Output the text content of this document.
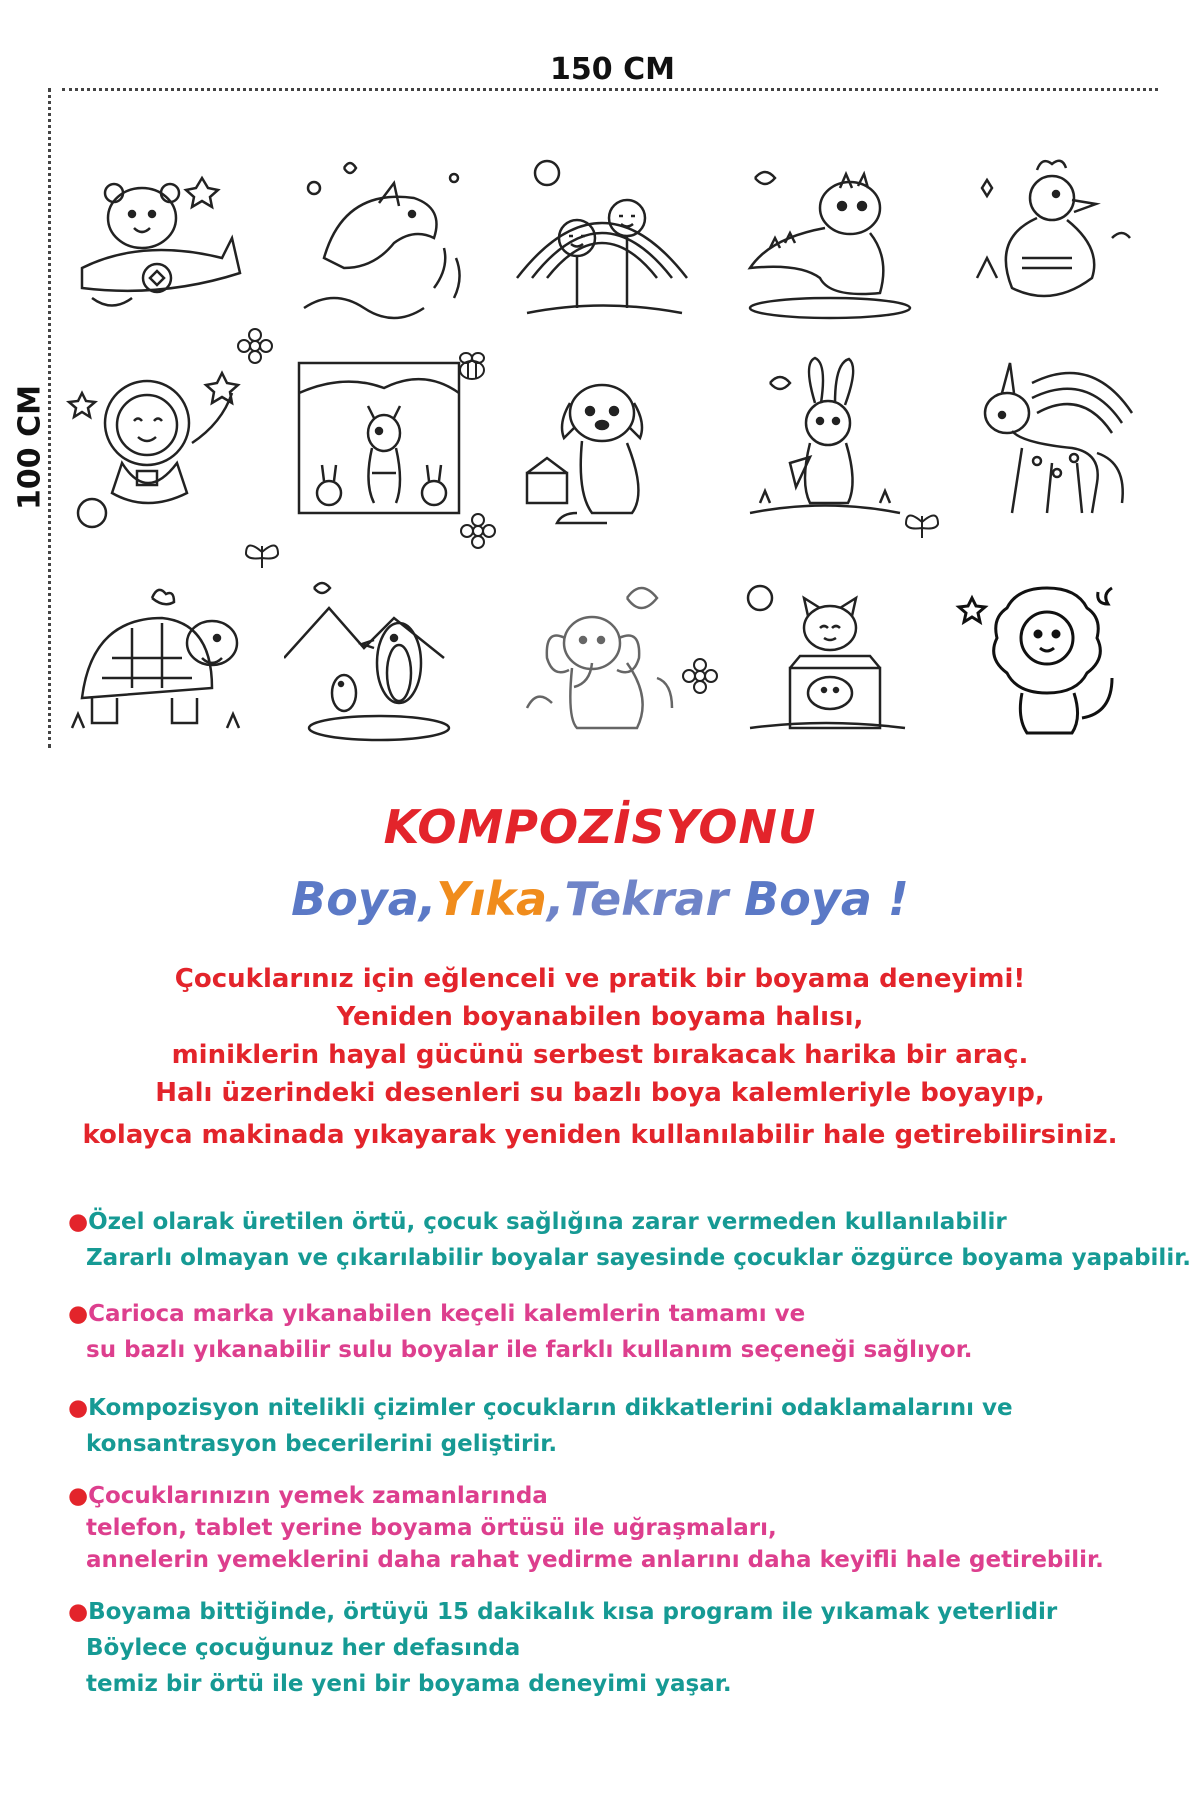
150 CM
100 CM
KOMPOZİSYONU
Boya,Yıka,Tekrar Boya !
Çocuklarınız için eğlenceli ve pratik bir boyama deneyimi!
Yeniden boyanabilen boyama halısı,
miniklerin hayal gücünü serbest bırakacak harika bir araç.
Halı üzerindeki desenleri su bazlı boya kalemleriyle boyayıp,
kolayca makinada yıkayarak yeniden kullanılabilir hale getirebilirsiniz.
●Özel olarak üretilen örtü, çocuk sağlığına zarar vermeden kullanılabilir
Zararlı olmayan ve çıkarılabilir boyalar sayesinde çocuklar özgürce boyama yapabilir.
●Carioca marka yıkanabilen keçeli kalemlerin tamamı ve
su bazlı yıkanabilir sulu boyalar ile farklı kullanım seçeneği sağlıyor.
●Kompozisyon nitelikli çizimler çocukların dikkatlerini odaklamalarını ve
konsantrasyon becerilerini geliştirir.
●Çocuklarınızın yemek zamanlarında
telefon, tablet yerine boyama örtüsü ile uğraşmaları,
annelerin yemeklerini daha rahat yedirme anlarını daha keyifli hale getirebilir.
●Boyama bittiğinde, örtüyü 15 dakikalık kısa program ile yıkamak yeterlidir
Böylece çocuğunuz her defasında
temiz bir örtü ile yeni bir boyama deneyimi yaşar.
